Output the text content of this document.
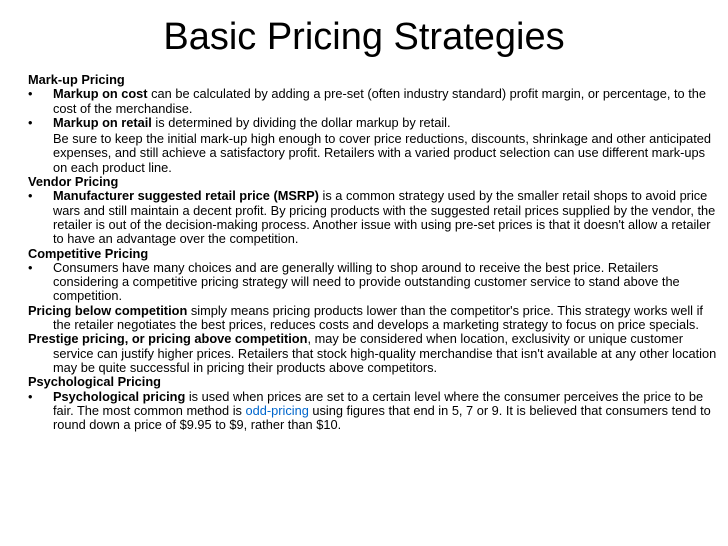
Basic Pricing Strategies
Mark-up Pricing
•	Markup on cost can be calculated by adding a pre-set (often industry standard) profit margin, or percentage, to the cost of the merchandise.
•	Markup on retail is determined by dividing the dollar markup by retail.
Be sure to keep the initial mark-up high enough to cover price reductions, discounts, shrinkage and other anticipated expenses, and still achieve a satisfactory profit. Retailers with a varied product selection can use different mark-ups on each product line.
Vendor Pricing
•	Manufacturer suggested retail price (MSRP) is a common strategy used by the smaller retail shops to avoid price wars and still maintain a decent profit. By pricing products with the suggested retail prices supplied by the vendor, the retailer is out of the decision-making process. Another issue with using pre-set prices is that it doesn't allow a retailer to have an advantage over the competition.
Competitive Pricing
•	Consumers have many choices and are generally willing to shop around to receive the best price. Retailers considering a competitive pricing strategy will need to provide outstanding customer service to stand above the competition.
Pricing below competition simply means pricing products lower than the competitor's price. This strategy works well if the retailer negotiates the best prices, reduces costs and develops a marketing strategy to focus on price specials.
Prestige pricing, or pricing above competition, may be considered when location, exclusivity or unique customer service can justify higher prices. Retailers that stock high-quality merchandise that isn't available at any other location may be quite successful in pricing their products above competitors.
Psychological Pricing
•	Psychological pricing is used when prices are set to a certain level where the consumer perceives the price to be fair. The most common method is odd-pricing using figures that end in 5, 7 or 9. It is believed that consumers tend to round down a price of $9.95 to $9, rather than $10.
